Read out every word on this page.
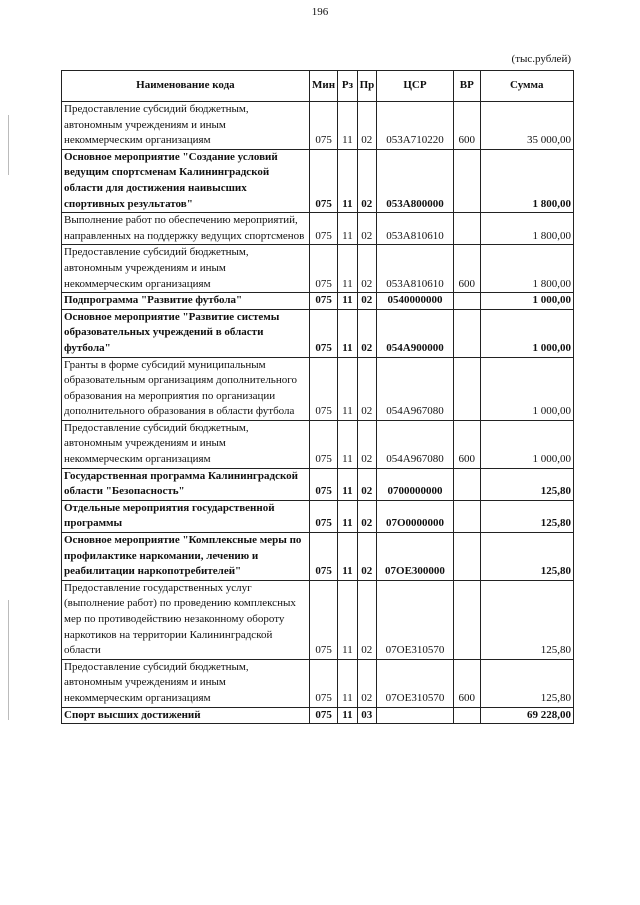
196
(тыс.рублей)
Наименование кода	Мин	Рз	Пр	ЦСР	ВР	Сумма
Предоставление субсидий бюджетным, автономным учреждениям и иным некоммерческим организациям	075	11	02	053A710220	600	35 000,00
Основное мероприятие "Создание условий ведущим спортсменам Калининградской области для достижения наивысших спортивных результатов"	075	11	02	053A800000		1 800,00
Выполнение работ по обеспечению мероприятий, направленных на поддержку ведущих спортсменов	075	11	02	053A810610		1 800,00
Предоставление субсидий бюджетным, автономным учреждениям и иным некоммерческим организациям	075	11	02	053A810610	600	1 800,00
Подпрограмма "Развитие футбола"	075	11	02	0540000000		1 000,00
Основное мероприятие "Развитие системы образовательных учреждений в области футбола"	075	11	02	054A900000		1 000,00
Гранты в форме субсидий муниципальным образовательным организациям дополнительного образования на мероприятия по организации дополнительного образования в области футбола	075	11	02	054A967080		1 000,00
Предоставление субсидий бюджетным, автономным учреждениям и иным некоммерческим организациям	075	11	02	054A967080	600	1 000,00
Государственная программа Калининградской области "Безопасность"	075	11	02	0700000000		125,80
Отдельные мероприятия государственной программы	075	11	02	07O0000000		125,80
Основное мероприятие "Комплексные меры по профилактике наркомании, лечению и реабилитации наркопотребителей"	075	11	02	07OE300000		125,80
Предоставление государственных услуг (выполнение работ) по проведению комплексных мер по противодействию незаконному обороту наркотиков на территории Калининградской области	075	11	02	07OE310570		125,80
Предоставление субсидий бюджетным, автономным учреждениям и иным некоммерческим организациям	075	11	02	07OE310570	600	125,80
Спорт высших достижений	075	11	03			69 228,00
